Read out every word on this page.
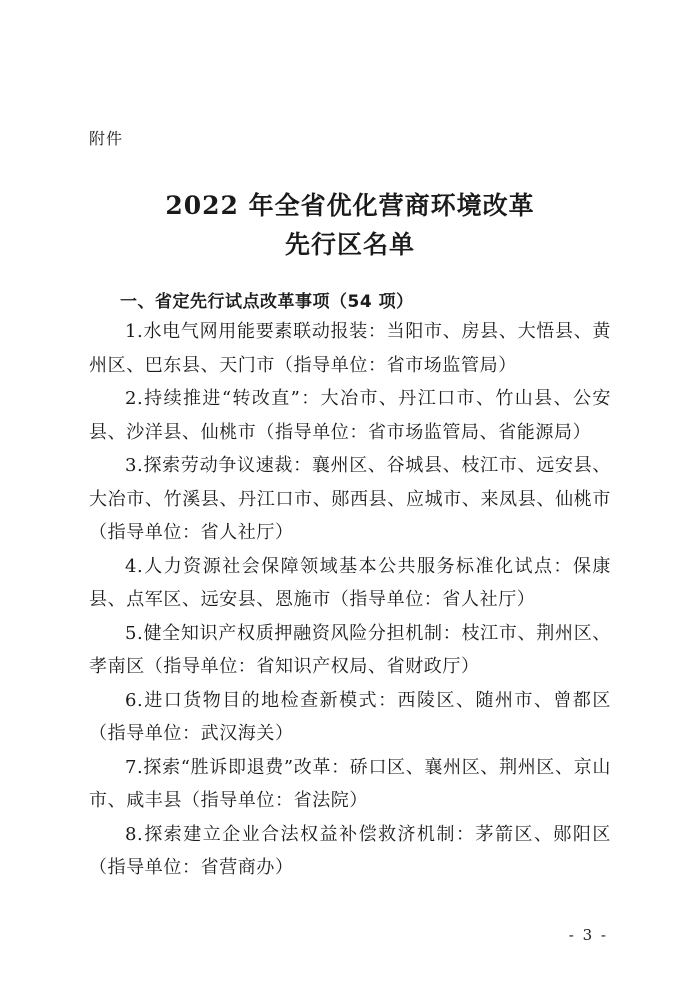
附件
2022 年全省优化营商环境改革
先行区名单
一、省定先行试点改革事项（54 项）

1.水电气网用能要素联动报装：当阳市、房县、大悟县、黄州区、巴东县、天门市（指导单位：省市场监管局）

2.持续推进“转改直”：大冶市、丹江口市、竹山县、公安县、沙洋县、仙桃市（指导单位：省市场监管局、省能源局）

3.探索劳动争议速裁：襄州区、谷城县、枝江市、远安县、大冶市、竹溪县、丹江口市、郧西县、应城市、来凤县、仙桃市（指导单位：省人社厅）

4.人力资源社会保障领域基本公共服务标准化试点：保康县、点军区、远安县、恩施市（指导单位：省人社厅）

5.健全知识产权质押融资风险分担机制：枝江市、荆州区、孝南区（指导单位：省知识产权局、省财政厅）

6.进口货物目的地检查新模式：西陵区、随州市、曾都区（指导单位：武汉海关）

7.探索“胜诉即退费”改革：硚口区、襄州区、荆州区、京山市、咸丰县（指导单位：省法院）

8.探索建立企业合法权益补偿救济机制：茅箭区、郧阳区（指导单位：省营商办）

- 3 -
